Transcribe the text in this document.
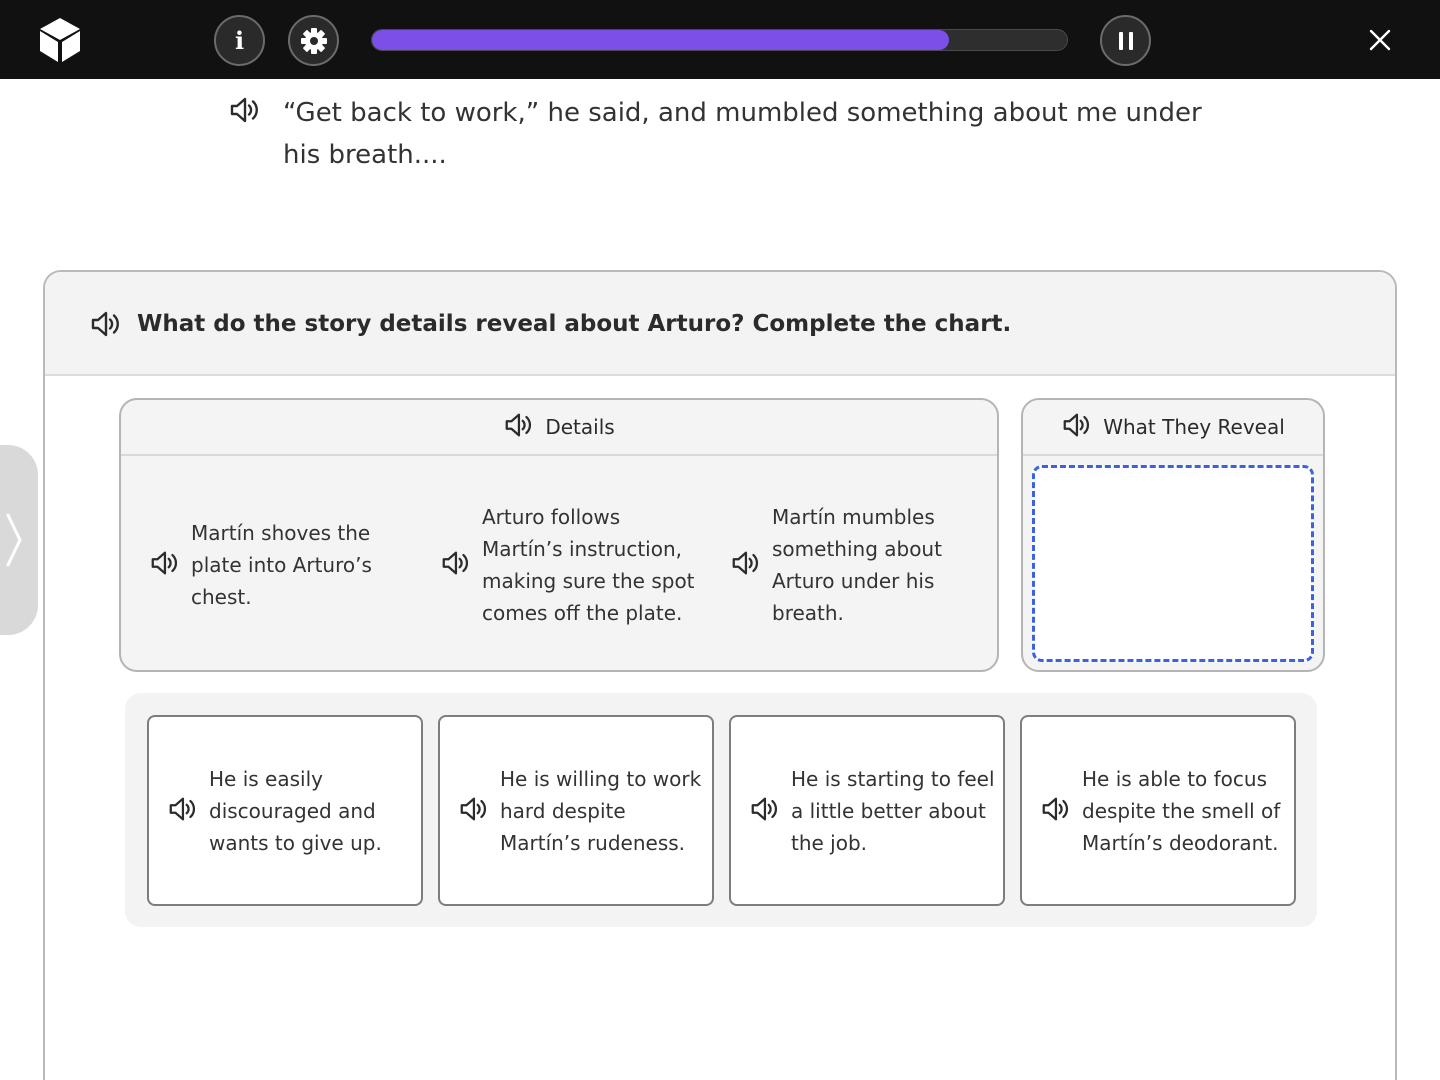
i

“Get back to work,” he said, and mumbled something about me under his breath....

What do the story details reveal about Arturo? Complete the chart.
Details
Martín shoves the plate into Arturo’s chest.
Arturo follows Martín’s instruction, making sure the spot comes off the plate.
Martín mumbles something about Arturo under his breath.
What They Reveal
He is easily discouraged and wants to give up.
He is willing to work hard despite Martín’s rudeness.
He is starting to feel a little better about the job.
He is able to focus despite the smell of Martín’s deodorant.
